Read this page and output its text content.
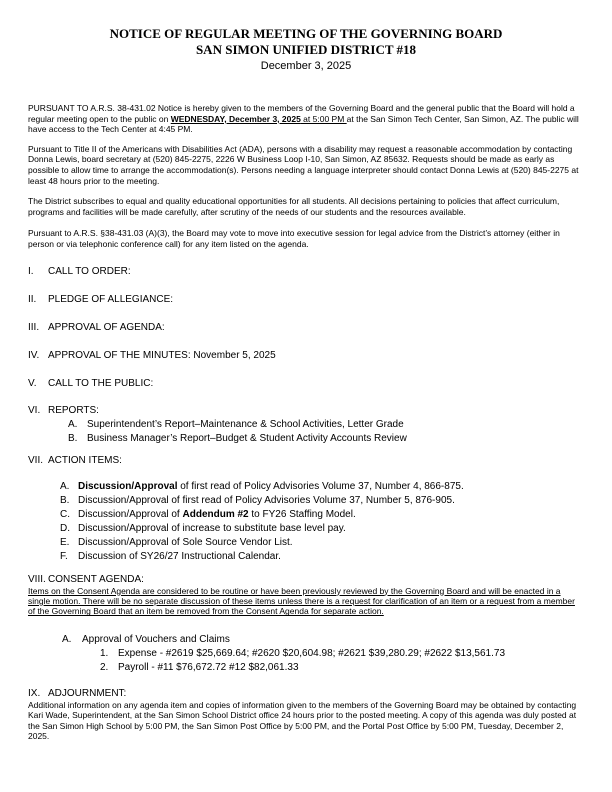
NOTICE OF REGULAR MEETING OF THE GOVERNING BOARD
SAN SIMON UNIFIED DISTRICT #18
December 3, 2025

PURSUANT TO A.R.S. 38-431.02 Notice is hereby given to the members of the Governing Board and the general public that the Board will hold a regular meeting open to the public on WEDNESDAY, December 3, 2025 at 5:00 PM at the San Simon Tech Center, San Simon, AZ. The public will have access to the Tech Center at 4:45 PM.

Pursuant to Title II of the Americans with Disabilities Act (ADA), persons with a disability may request a reasonable accommodation by contacting Donna Lewis, board secretary at (520) 845-2275, 2226 W Business Loop I-10, San Simon, AZ 85632. Requests should be made as early as possible to allow time to arrange the accommodation(s). Persons needing a language interpreter should contact Donna Lewis at (520) 845-2275 at least 48 hours prior to the meeting.

The District subscribes to equal and quality educational opportunities for all students. All decisions pertaining to policies that affect curriculum, programs and facilities will be made carefully, after scrutiny of the needs of our students and the resources available.

Pursuant to A.R.S. §38-431.03 (A)(3), the Board may vote to move into executive session for legal advice from the District’s attorney (either in person or via telephonic conference call) for any item listed on the agenda.

I.	CALL TO ORDER:
II.	PLEDGE OF ALLEGIANCE:
III. APPROVAL OF AGENDA:
IV. APPROVAL OF THE MINUTES: November 5, 2025
V.	CALL TO THE PUBLIC:
VI. REPORTS:
A. Superintendent’s Report–Maintenance & School Activities, Letter Grade
B. Business Manager’s Report–Budget & Student Activity Accounts Review
VII. ACTION ITEMS:
A. Discussion/Approval of first read of Policy Advisories Volume 37, Number 4, 866-875.
B. Discussion/Approval of first read of Policy Advisories Volume 37, Number 5, 876-905.
C. Discussion/Approval of Addendum #2 to FY26 Staffing Model.
D. Discussion/Approval of increase to substitute base level pay.
E. Discussion/Approval of Sole Source Vendor List.
F.	Discussion of SY26/27 Instructional Calendar.
VIII. CONSENT AGENDA:

Items on the Consent Agenda are considered to be routine or have been previously reviewed by the Governing Board and will be enacted in a single motion. There will be no separate discussion of these items unless there is a request for clarification of an item or a request from a member of the Governing Board that an item be removed from the Consent Agenda for separate action.

A.	Approval of Vouchers and Claims
1. Expense - #2619 $25,669.64; #2620 $20,604.98; #2621 $39,280.29; #2622 $13,561.73
2. Payroll - #11 $76,672.72 #12 $82,061.33
IX. ADJOURNMENT:

Additional information on any agenda item and copies of information given to the members of the Governing Board may be obtained by contacting Kari Wade, Superintendent, at the San Simon School District office 24 hours prior to the posted meeting. A copy of this agenda was duly posted at the San Simon High School by 5:00 PM, the San Simon Post Office by 5:00 PM, and the Portal Post Office by 5:00 PM, Tuesday, December 2, 2025.
